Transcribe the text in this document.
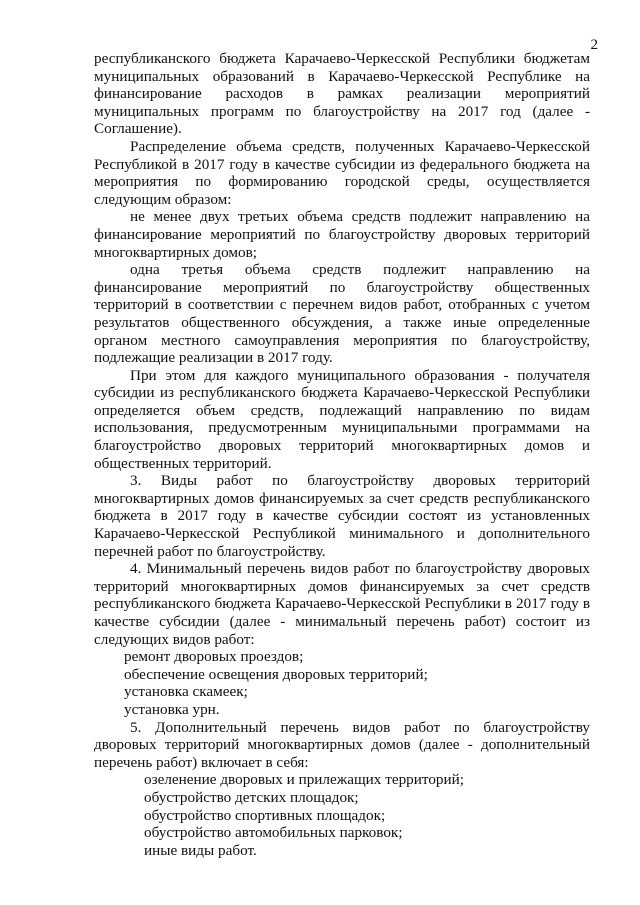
2

республиканского бюджета Карачаево-Черкесской Республики бюджетам муниципальных образований в Карачаево-Черкесской Республике на финансирование расходов в рамках реализации мероприятий муниципальных программ по благоустройству на 2017 год (далее - Соглашение).

Распределение объема средств, полученных Карачаево-Черкесской Республикой в 2017 году в качестве субсидии из федерального бюджета на мероприятия по формированию городской среды, осуществляется следующим образом:

не менее двух третьих объема средств подлежит направлению на финансирование мероприятий по благоустройству дворовых территорий многоквартирных домов;

одна третья объема средств подлежит направлению на финансирование мероприятий по благоустройству общественных территорий в соответствии с перечнем видов работ, отобранных с учетом результатов общественного обсуждения, а также иные определенные органом местного самоуправления мероприятия по благоустройству, подлежащие реализации в 2017 году.

При этом для каждого муниципального образования - получателя субсидии из республиканского бюджета Карачаево-Черкесской Республики определяется объем средств, подлежащий направлению по видам использования, предусмотренным муниципальными программами на благоустройство дворовых территорий многоквартирных домов и общественных территорий.

3. Виды работ по благоустройству дворовых территорий многоквартирных домов финансируемых за счет средств республиканского бюджета в 2017 году в качестве субсидии состоят из установленных Карачаево-Черкесской Республикой минимального и дополнительного перечней работ по благоустройству.

4. Минимальный перечень видов работ по благоустройству дворовых территорий многоквартирных домов финансируемых за счет средств республиканского бюджета Карачаево-Черкесской Республики в 2017 году в качестве субсидии (далее - минимальный перечень работ) состоит из следующих видов работ:

ремонт дворовых проездов;

обеспечение освещения дворовых территорий;

установка скамеек;

установка урн.

5. Дополнительный перечень видов работ по благоустройству дворовых территорий многоквартирных домов (далее - дополнительный перечень работ) включает в себя:

озеленение дворовых и прилежащих территорий;

обустройство детских площадок;

обустройство спортивных площадок;

обустройство автомобильных парковок;

иные виды работ.
